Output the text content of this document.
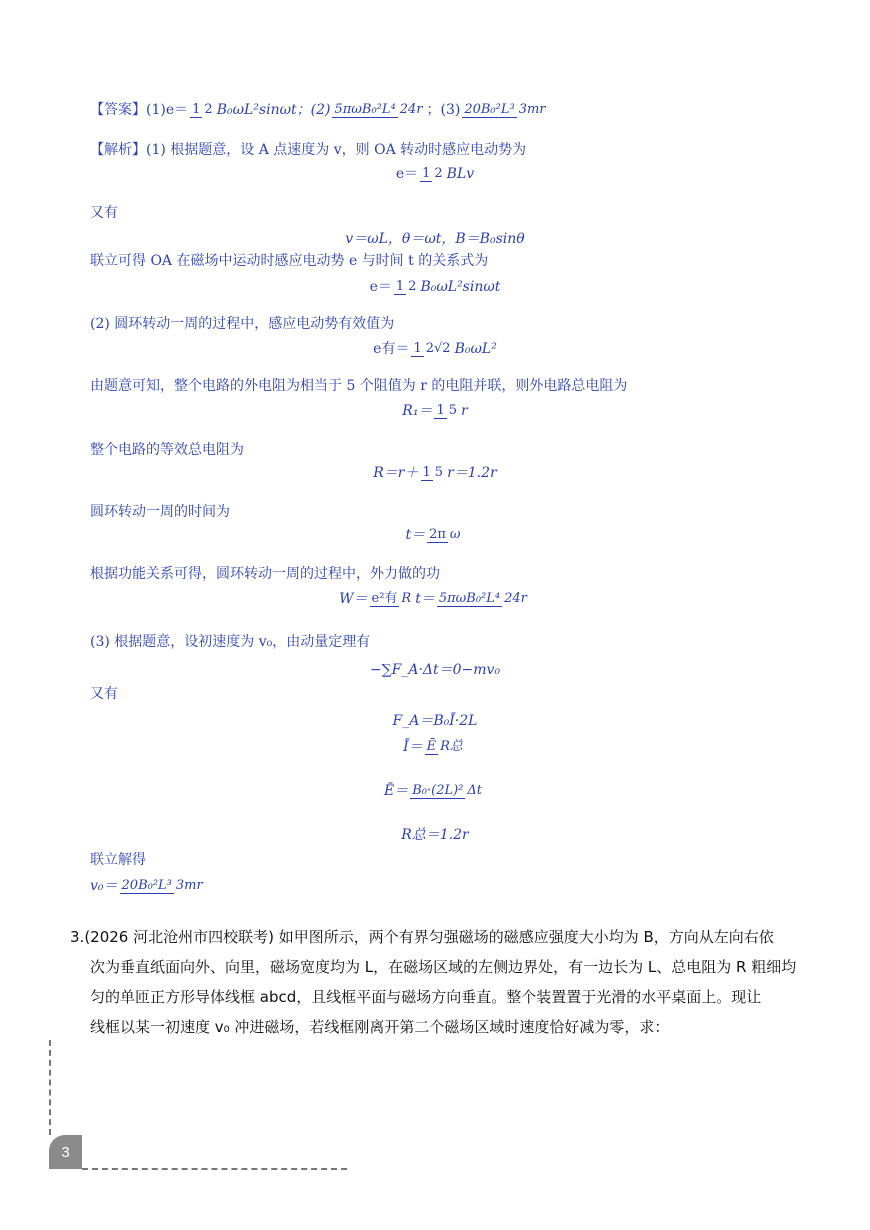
【答案】(1)e＝ 1 2 B₀ωL²sinωt；(2) 5πωB₀²L⁴ 24r ；(3) 20B₀²L³ 3mr
【解析】(1) 根据题意，设 A 点速度为 v，则 OA 转动时感应电动势为
e＝ 1 2 BLv
又有
v＝ωL，θ＝ωt，B＝B₀sinθ
联立可得 OA 在磁场中运动时感应电动势 e 与时间 t 的关系式为
e＝ 1 2 B₀ωL²sinωt
(2) 圆环转动一周的过程中，感应电动势有效值为
e有＝ 1 2√2 B₀ωL²
由题意可知，整个电路的外电阻为相当于 5 个阻值为 r 的电阻并联，则外电路总电阻为
R₁＝ 1 5 r
整个电路的等效总电阻为
R＝r＋ 1 5 r＝1.2r
圆环转动一周的时间为
t＝ 2π ω
根据功能关系可得，圆环转动一周的过程中，外力做的功
W＝ e²有 R t＝ 5πωB₀²L⁴ 24r
(3) 根据题意，设初速度为 v₀，由动量定理有
−∑F_A·Δt＝0−mv₀
又有
F_A＝B₀Ī·2L
Ī＝ Ē R总
Ē＝ B₀·(2L)² Δt
R总＝1.2r
联立解得
v₀＝ 20B₀²L³ 3mr
3.(2026 河北沧州市四校联考) 如甲图所示，两个有界匀强磁场的磁感应强度大小均为 B，方向从左向右依
次为垂直纸面向外、向里，磁场宽度均为 L，在磁场区域的左侧边界处，有一边长为 L、总电阻为 R 粗细均
匀的单匝正方形导体线框 abcd，且线框平面与磁场方向垂直。整个装置置于光滑的水平桌面上。现让
线框以某一初速度 v₀ 冲进磁场，若线框刚离开第二个磁场区域时速度恰好减为零，求：
3
